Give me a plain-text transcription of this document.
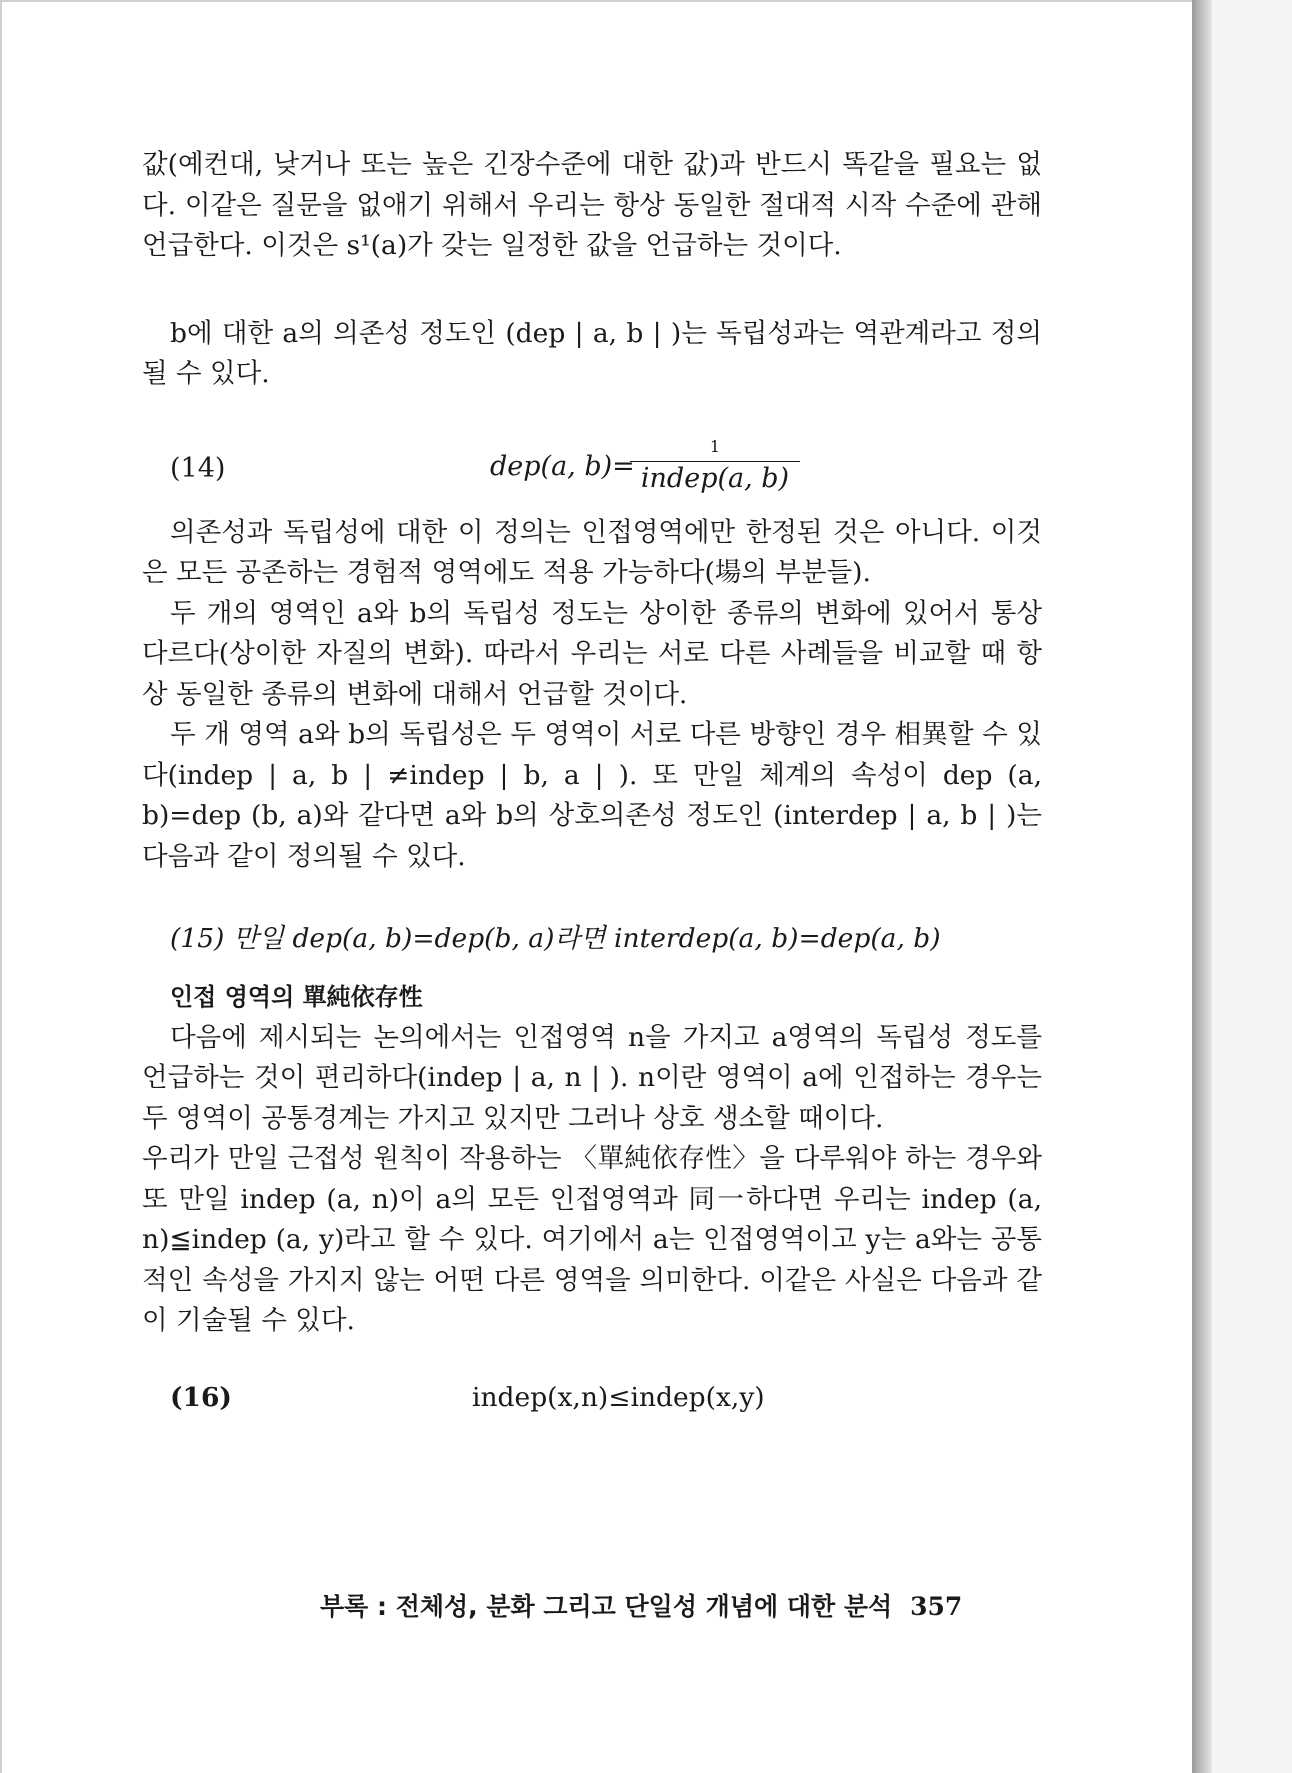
값(예컨대, 낮거나 또는 높은 긴장수준에 대한 값)과 반드시 똑같을 필요는 없다. 이같은 질문을 없애기 위해서 우리는 항상 동일한 절대적 시작 수준에 관해 언급한다. 이것은 s¹(a)가 갖는 일정한 값을 언급하는 것이다.

b에 대한 a의 의존성 정도인 (dep | a, b | )는 독립성과는 역관계라고 정의될 수 있다.

(14)	dep(a, b)=
1
indep(a, b)

의존성과 독립성에 대한 이 정의는 인접영역에만 한정된 것은 아니다. 이것은 모든 공존하는 경험적 영역에도 적용 가능하다(場의 부분들).

두 개의 영역인 a와 b의 독립성 정도는 상이한 종류의 변화에 있어서 통상 다르다(상이한 자질의 변화). 따라서 우리는 서로 다른 사례들을 비교할 때 항상 동일한 종류의 변화에 대해서 언급할 것이다.

두 개 영역 a와 b의 독립성은 두 영역이 서로 다른 방향인 경우 相異할 수 있다(indep | a, b | ≠indep | b, a | ). 또 만일 체계의 속성이 dep (a, b)=dep (b, a)와 같다면 a와 b의 상호의존성 정도인 (interdep | a, b | )는 다음과 같이 정의될 수 있다.

(15) 만일 dep(a, b)=dep(b, a)라면 interdep(a, b)=dep(a, b)

인접 영역의 單純依存性

다음에 제시되는 논의에서는 인접영역 n을 가지고 a영역의 독립성 정도를 언급하는 것이 편리하다(indep | a, n | ). n이란 영역이 a에 인접하는 경우는 두 영역이 공통경계는 가지고 있지만 그러나 상호 생소할 때이다.

우리가 만일 근접성 원칙이 작용하는 〈單純依存性〉을 다루워야 하는 경우와 또 만일 indep (a, n)이 a의 모든 인접영역과 同一하다면 우리는 indep (a, n)≦indep (a, y)라고 할 수 있다. 여기에서 a는 인접영역이고 y는 a와는 공통적인 속성을 가지지 않는 어떤 다른 영역을 의미한다. 이같은 사실은 다음과 같이 기술될 수 있다.

(16)	indep(x,n)≤indep(x,y)
부록 : 전체성, 분화 그리고 단일성 개념에 대한 분석 357
